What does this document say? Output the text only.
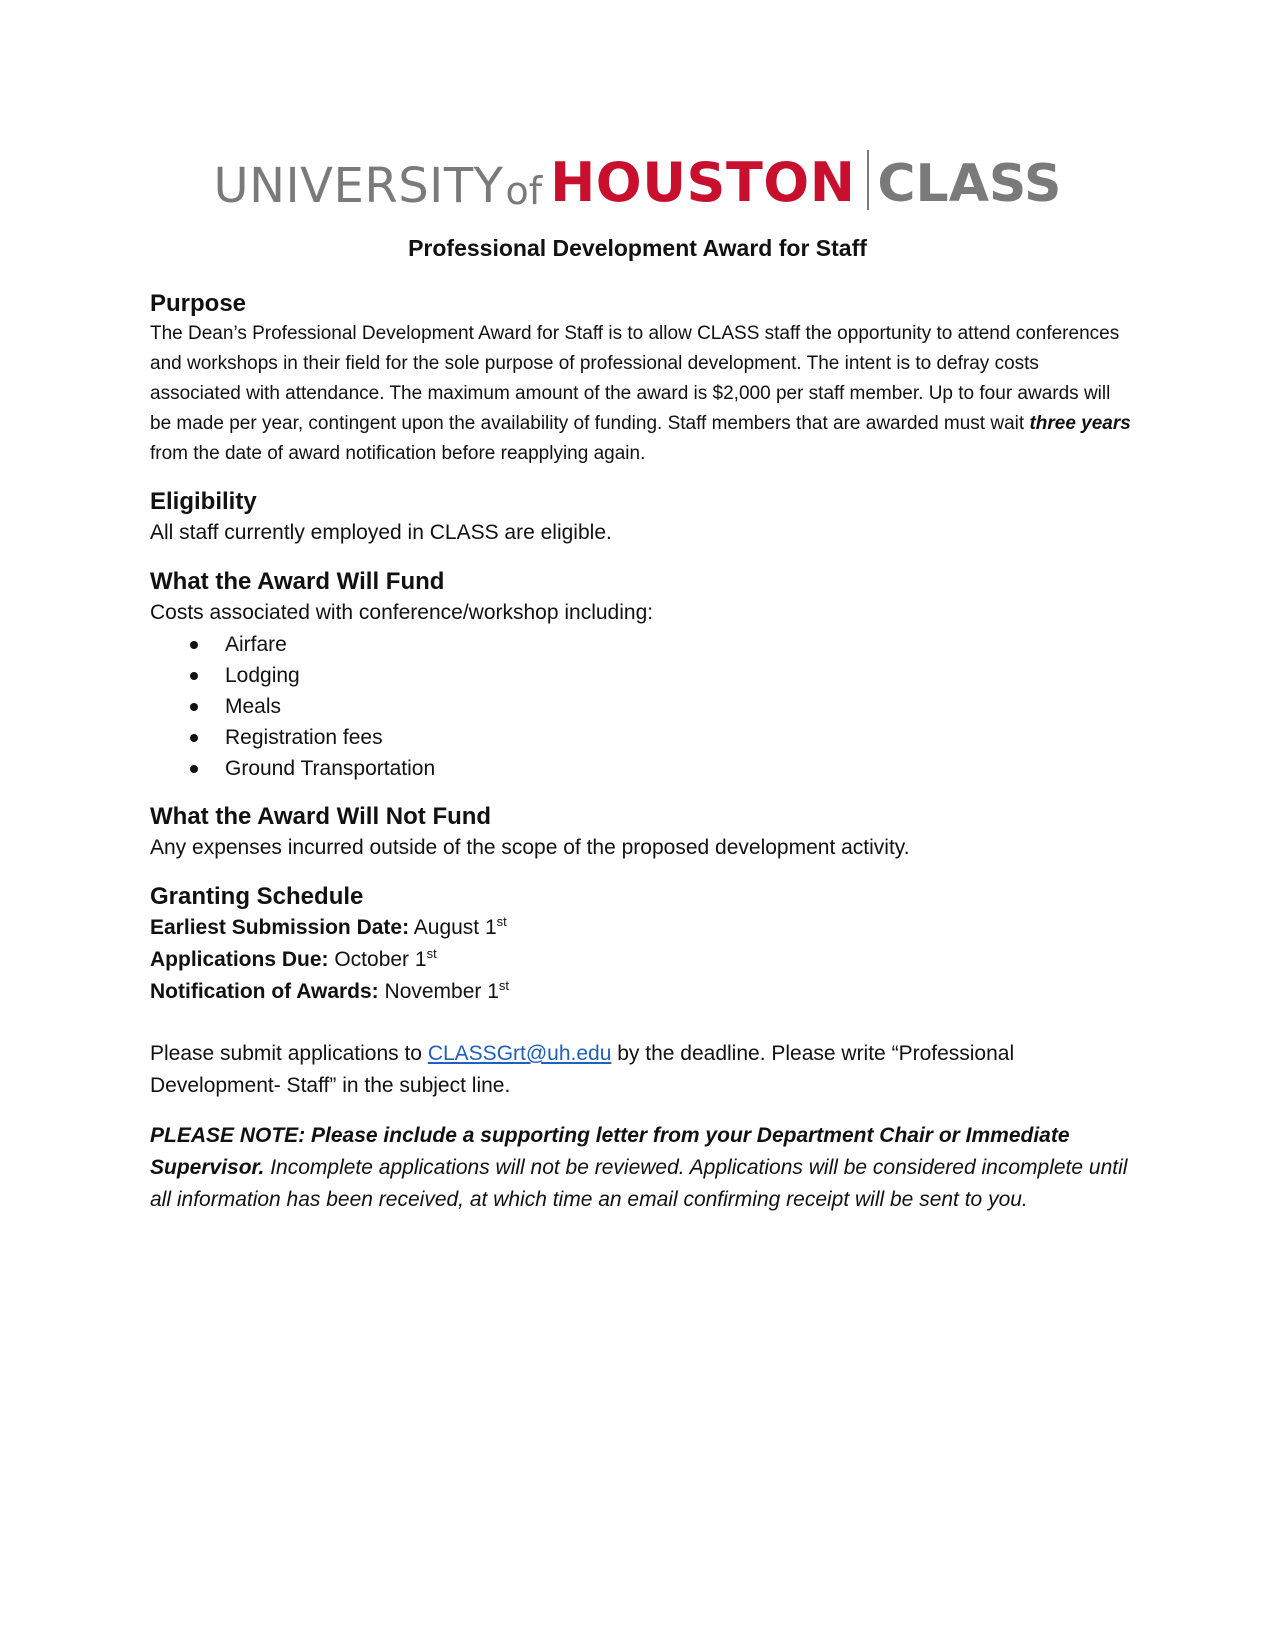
UNIVERSITY of HOUSTON CLASS
Professional Development Award for Staff
Purpose

The Dean’s Professional Development Award for Staff is to allow CLASS staff the opportunity to attend conferences and workshops in their field for the sole purpose of professional development. The intent is to defray costs associated with attendance. The maximum amount of the award is $2,000 per staff member. Up to four awards will be made per year, contingent upon the availability of funding. Staff members that are awarded must wait three years from the date of award notification before reapplying again.

Eligibility

All staff currently employed in CLASS are eligible.

What the Award Will Fund

Costs associated with conference/workshop including:

Airfare
Lodging
Meals
Registration fees
Ground Transportation
What the Award Will Not Fund

Any expenses incurred outside of the scope of the proposed development activity.

Granting Schedule
Earliest Submission Date: August 1st
Applications Due: October 1st
Notification of Awards: November 1st

Please submit applications to CLASSGrt@uh.edu by the deadline. Please write “Professional Development- Staff” in the subject line.

PLEASE NOTE: Please include a supporting letter from your Department Chair or Immediate Supervisor. Incomplete applications will not be reviewed. Applications will be considered incomplete until all information has been received, at which time an email confirming receipt will be sent to you.
